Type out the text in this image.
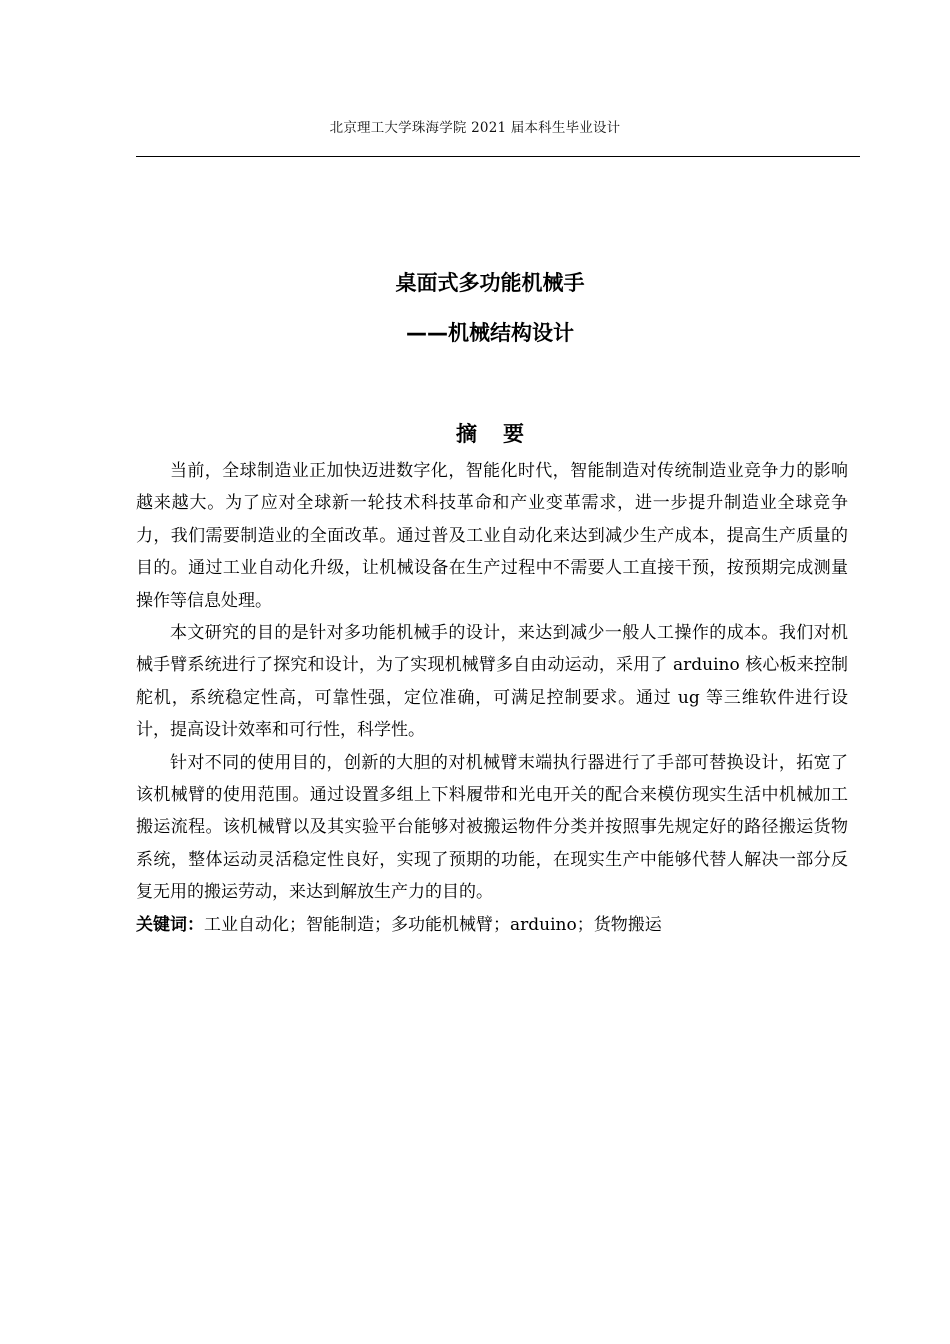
北京理工大学珠海学院 2021 届本科生毕业设计
桌面式多功能机械手
——机械结构设计
摘要

当前，全球制造业正加快迈进数字化，智能化时代，智能制造对传统制造业竞争力的影响越来越大。为了应对全球新一轮技术科技革命和产业变革需求，进一步提升制造业全球竞争力，我们需要制造业的全面改革。通过普及工业自动化来达到减少生产成本，提高生产质量的目的。通过工业自动化升级，让机械设备在生产过程中不需要人工直接干预，按预期完成测量操作等信息处理。

本文研究的目的是针对多功能机械手的设计，来达到减少一般人工操作的成本。我们对机械手臂系统进行了探究和设计，为了实现机械臂多自由动运动，采用了 arduino 核心板来控制舵机，系统稳定性高，可靠性强，定位准确，可满足控制要求。通过 ug 等三维软件进行设计，提高设计效率和可行性，科学性。

针对不同的使用目的，创新的大胆的对机械臂末端执行器进行了手部可替换设计，拓宽了该机械臂的使用范围。通过设置多组上下料履带和光电开关的配合来模仿现实生活中机械加工搬运流程。该机械臂以及其实验平台能够对被搬运物件分类并按照事先规定好的路径搬运货物系统，整体运动灵活稳定性良好，实现了预期的功能，在现实生产中能够代替人解决一部分反复无用的搬运劳动，来达到解放生产力的目的。

关键词：工业自动化；智能制造；多功能机械臂；arduino；货物搬运
